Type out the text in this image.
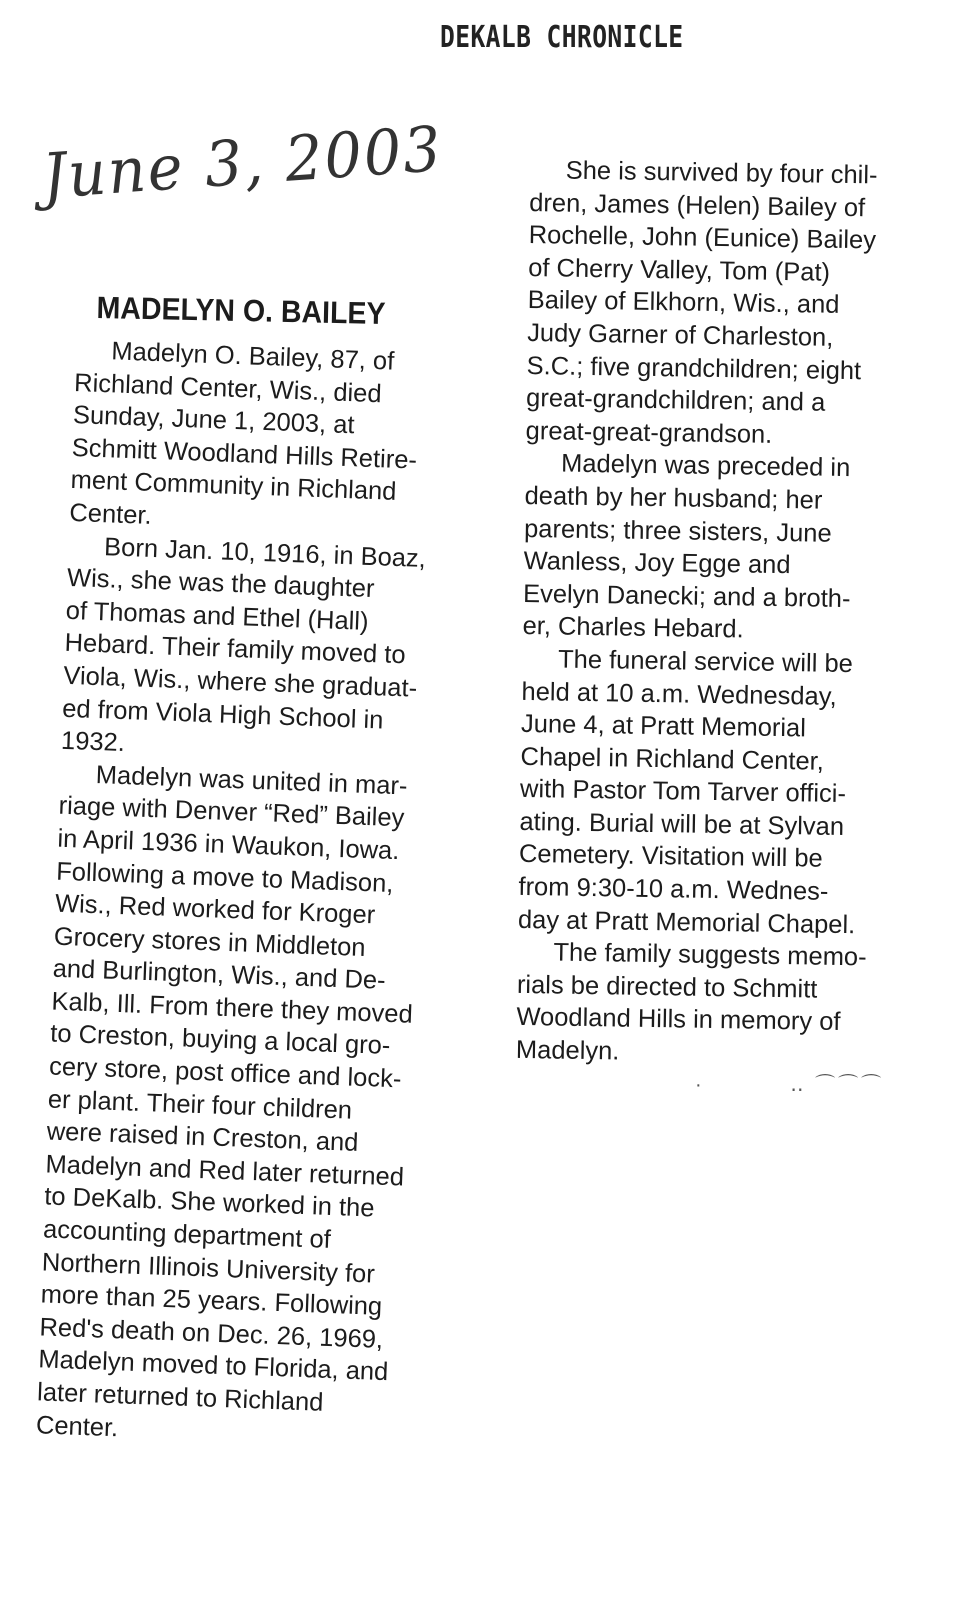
DEKALB CHRONICLE
June 3, 2003
MADELYN O. BAILEY
Madelyn O. Bailey, 87, of
Richland Center, Wis., died
Sunday, June 1, 2003, at
Schmitt Woodland Hills Retire-
ment Community in Richland
Center.
Born Jan. 10, 1916, in Boaz,
Wis., she was the daughter
of Thomas and Ethel (Hall)
Hebard. Their family moved to
Viola, Wis., where she graduat-
ed from Viola High School in
1932.
Madelyn was united in mar-
riage with Denver “Red” Bailey
in April 1936 in Waukon, Iowa.
Following a move to Madison,
Wis., Red worked for Kroger
Grocery stores in Middleton
and Burlington, Wis., and De-
Kalb, Ill. From there they moved
to Creston, buying a local gro-
cery store, post office and lock-
er plant. Their four children
were raised in Creston, and
Madelyn and Red later returned
to DeKalb. She worked in the
accounting department of
Northern Illinois University for
more than 25 years. Following
Red's death on Dec. 26, 1969,
Madelyn moved to Florida, and
later returned to Richland
Center.
She is survived by four chil-
dren, James (Helen) Bailey of
Rochelle, John (Eunice) Bailey
of Cherry Valley, Tom (Pat)
Bailey of Elkhorn, Wis., and
Judy Garner of Charleston,
S.C.; five grandchildren; eight
great-grandchildren; and a
great-great-grandson.
Madelyn was preceded in
death by her husband; her
parents; three sisters, June
Wanless, Joy Egge and
Evelyn Danecki; and a broth-
er, Charles Hebard.
The funeral service will be
held at 10 a.m. Wednesday,
June 4, at Pratt Memorial
Chapel in Richland Center,
with Pastor Tom Tarver offici-
ating. Burial will be at Sylvan
Cemetery. Visitation will be
from 9:30-10 a.m. Wednes-
day at Pratt Memorial Chapel.
The family suggests memo-
rials be directed to Schmitt
Woodland Hills in memory of
Madelyn.
·          ‥ ⌒⌒⌒
